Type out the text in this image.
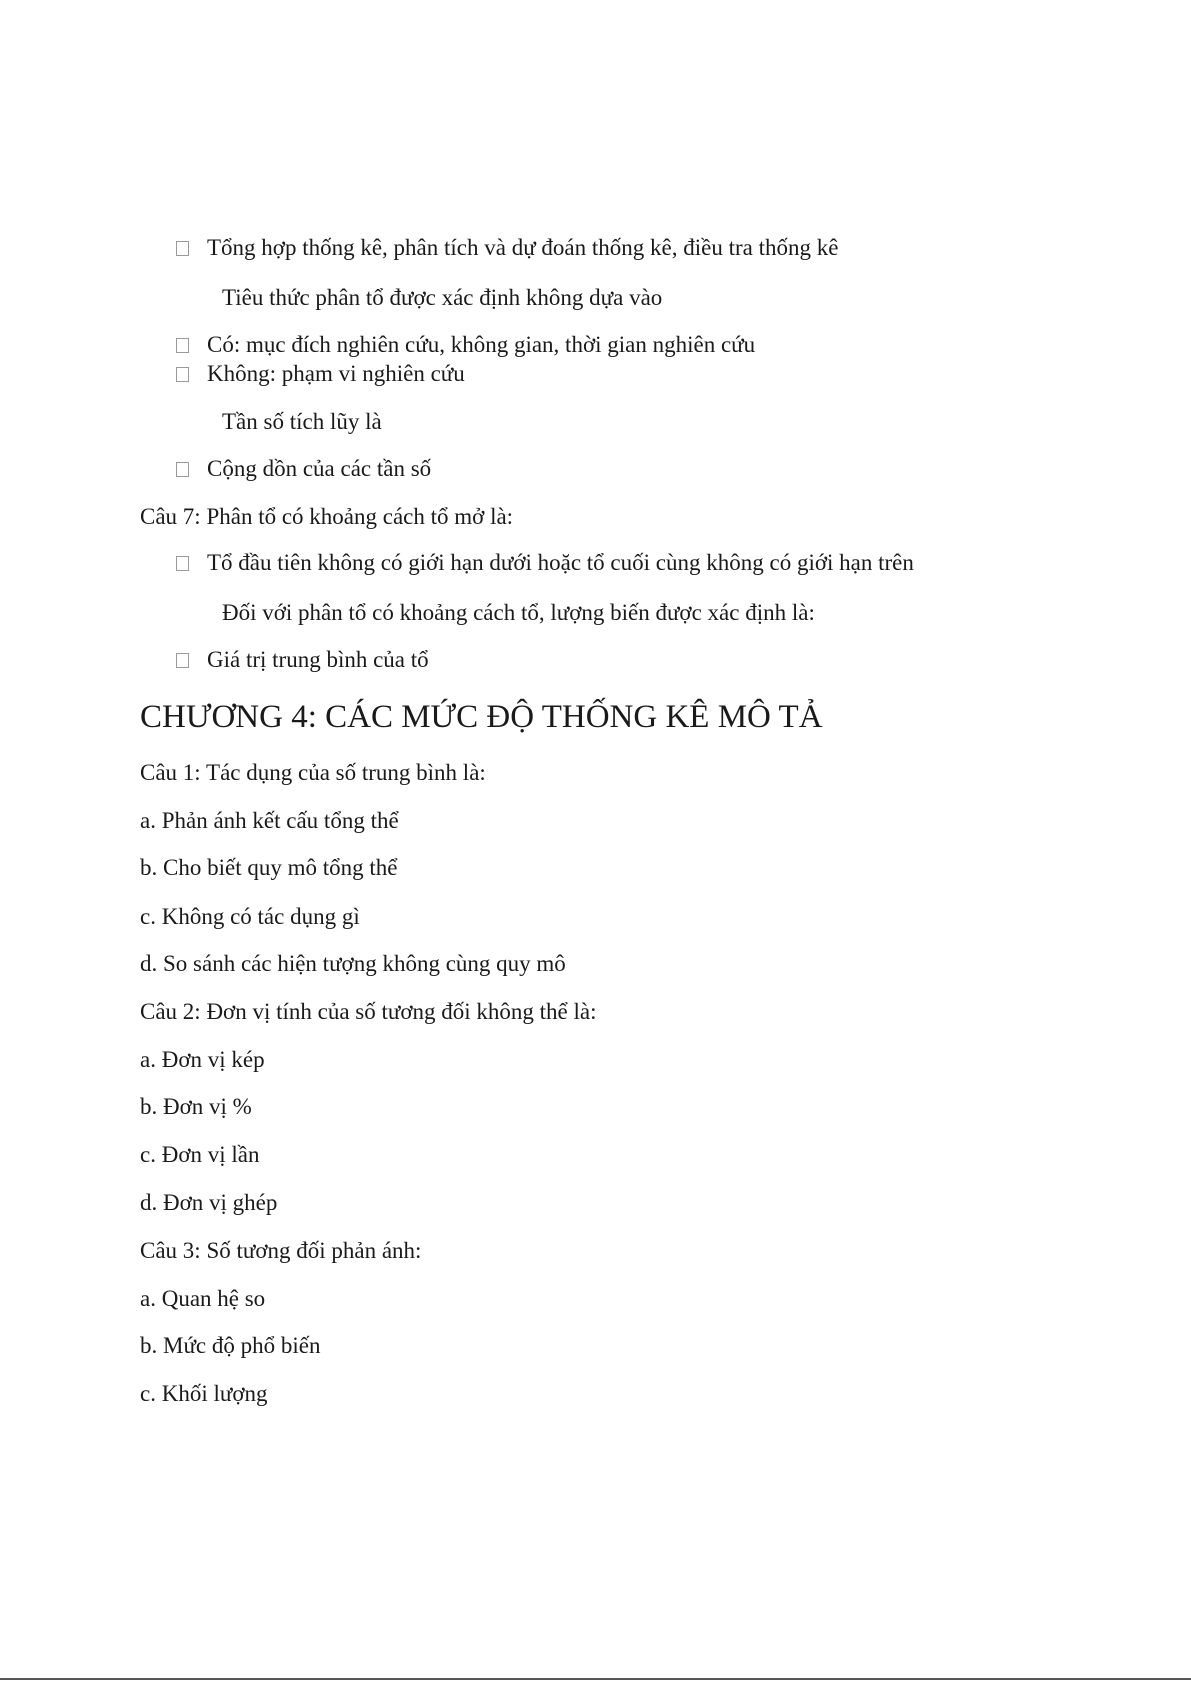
Tổng hợp thống kê, phân tích và dự đoán thống kê, điều tra thống kê
Tiêu thức phân tổ được xác định không dựa vào
Có: mục đích nghiên cứu, không gian, thời gian nghiên cứu
Không: phạm vi nghiên cứu
Tần số tích lũy là
Cộng dồn của các tần số
Câu 7: Phân tổ có khoảng cách tổ mở là:
Tổ đầu tiên không có giới hạn dưới hoặc tổ cuối cùng không có giới hạn trên
Đối với phân tổ có khoảng cách tổ, lượng biến được xác định là:
Giá trị trung bình của tổ
CHƯƠNG 4: CÁC MỨC ĐỘ THỐNG KÊ MÔ TẢ
Câu 1: Tác dụng của số trung bình là:
a. Phản ánh kết cấu tổng thể
b. Cho biết quy mô tổng thể
c. Không có tác dụng gì
d. So sánh các hiện tượng không cùng quy mô
Câu 2: Đơn vị tính của số tương đối không thể là:
a. Đơn vị kép
b. Đơn vị %
c. Đơn vị lần
d. Đơn vị ghép
Câu 3: Số tương đối phản ánh:
a. Quan hệ so
b. Mức độ phổ biến
c. Khối lượng
